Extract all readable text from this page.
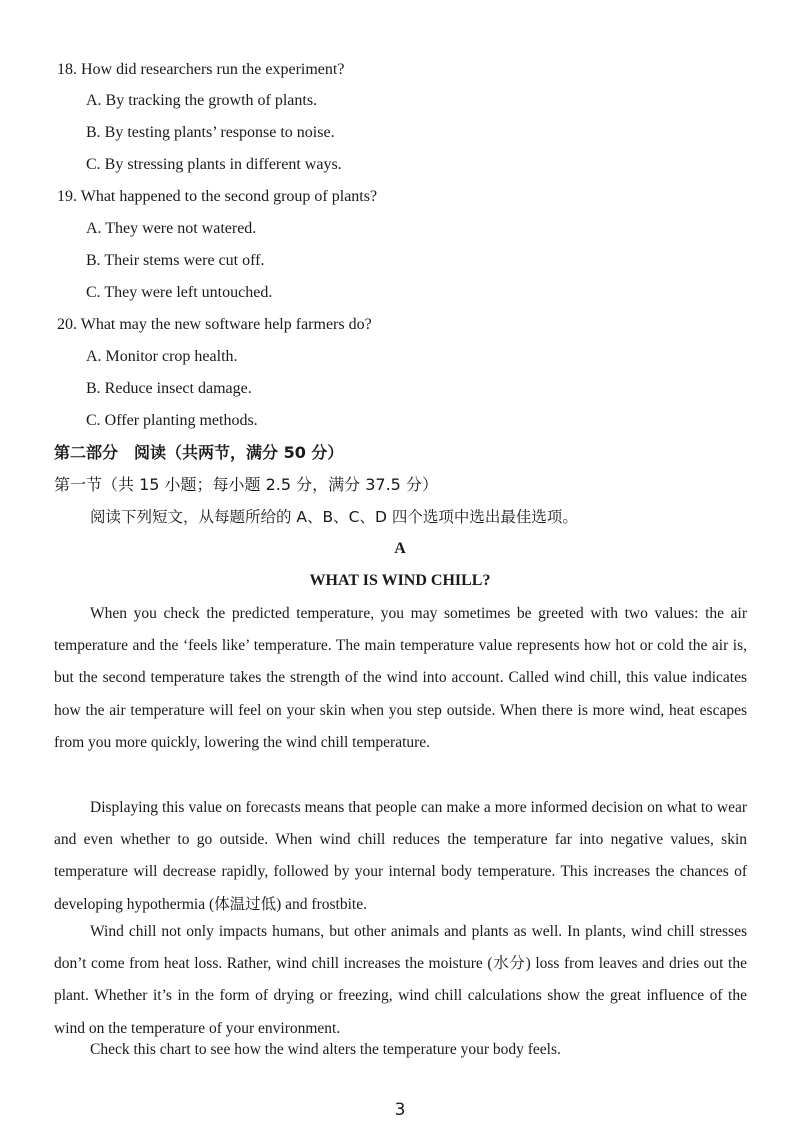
18. How did researchers run the experiment?
A. By tracking the growth of plants.
B. By testing plants’ response to noise.
C. By stressing plants in different ways.
19. What happened to the second group of plants?
A. They were not watered.
B. Their stems were cut off.
C. They were left untouched.
20. What may the new software help farmers do?
A. Monitor crop health.
B. Reduce insect damage.
C. Offer planting methods.
第二部分　阅读（共两节，满分 50 分）
第一节（共 15 小题；每小题 2.5 分，满分 37.5 分）
阅读下列短文，从每题所给的 A、B、C、D 四个选项中选出最佳选项。
A
WHAT IS WIND CHILL?
When you check the predicted temperature, you may sometimes be greeted with two values: the air temperature and the ‘feels like’ temperature. The main temperature value represents how hot or cold the air is, but the second temperature takes the strength of the wind into account. Called wind chill, this value indicates how the air temperature will feel on your skin when you step outside. When there is more wind, heat escapes from you more quickly, lowering the wind chill temperature.
Displaying this value on forecasts means that people can make a more informed decision on what to wear and even whether to go outside. When wind chill reduces the temperature far into negative values, skin temperature will decrease rapidly, followed by your internal body temperature. This increases the chances of developing hypothermia (体温过低) and frostbite.
Wind chill not only impacts humans, but other animals and plants as well. In plants, wind chill stresses don’t come from heat loss. Rather, wind chill increases the moisture (水分) loss from leaves and dries out the plant. Whether it’s in the form of drying or freezing, wind chill calculations show the great influence of the wind on the temperature of your environment.
Check this chart to see how the wind alters the temperature your body feels.
3
